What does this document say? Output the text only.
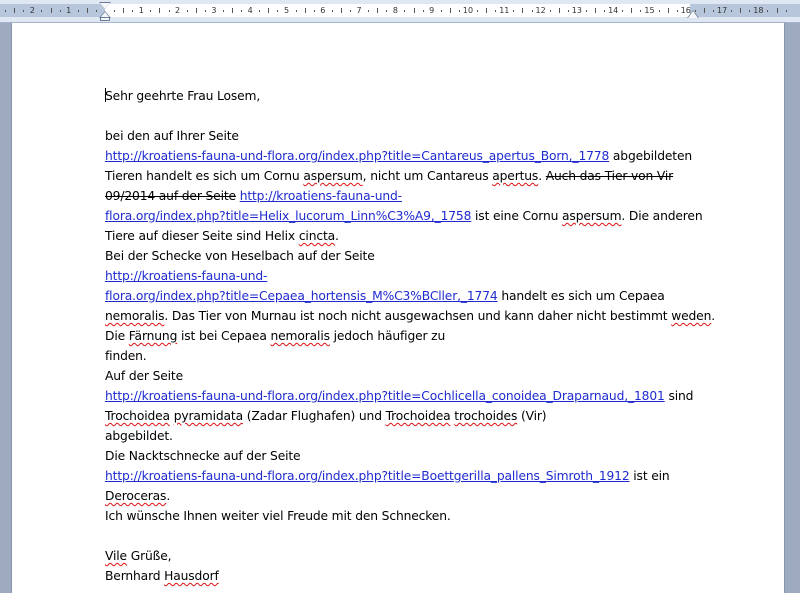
2	1	1	2	3	4	5	6	7	8	9	10	11	12	13	14	15	16	17	18
Sehr geehrte Frau Losem,
bei den auf Ihrer Seite
http://kroatiens-fauna-und-flora.org/index.php?title=Cantareus_apertus_Born,_1778 abgebildeten
Tieren handelt es sich um Cornu aspersum, nicht um Cantareus apertus. Auch das Tier von Vir
09/2014 auf der Seite http://kroatiens-fauna-und-
flora.org/index.php?title=Helix_lucorum_Linn%C3%A9,_1758 ist eine Cornu aspersum. Die anderen
Tiere auf dieser Seite sind Helix cincta.
Bei der Schecke von Heselbach auf der Seite
http://kroatiens-fauna-und-
flora.org/index.php?title=Cepaea_hortensis_M%C3%BCller,_1774 handelt es sich um Cepaea
nemoralis. Das Tier von Murnau ist noch nicht ausgewachsen und kann daher nicht bestimmt weden.
Die Färnung ist bei Cepaea nemoralis jedoch häufiger zu
finden.
Auf der Seite
http://kroatiens-fauna-und-flora.org/index.php?title=Cochlicella_conoidea_Draparnaud,_1801 sind
Trochoidea pyramidata (Zadar Flughafen) und Trochoidea trochoides (Vir)
abgebildet.
Die Nacktschnecke auf der Seite
http://kroatiens-fauna-und-flora.org/index.php?title=Boettgerilla_pallens_Simroth_1912 ist ein
Deroceras.
Ich wünsche Ihnen weiter viel Freude mit den Schnecken.
Vile Grüße,
Bernhard Hausdorf
